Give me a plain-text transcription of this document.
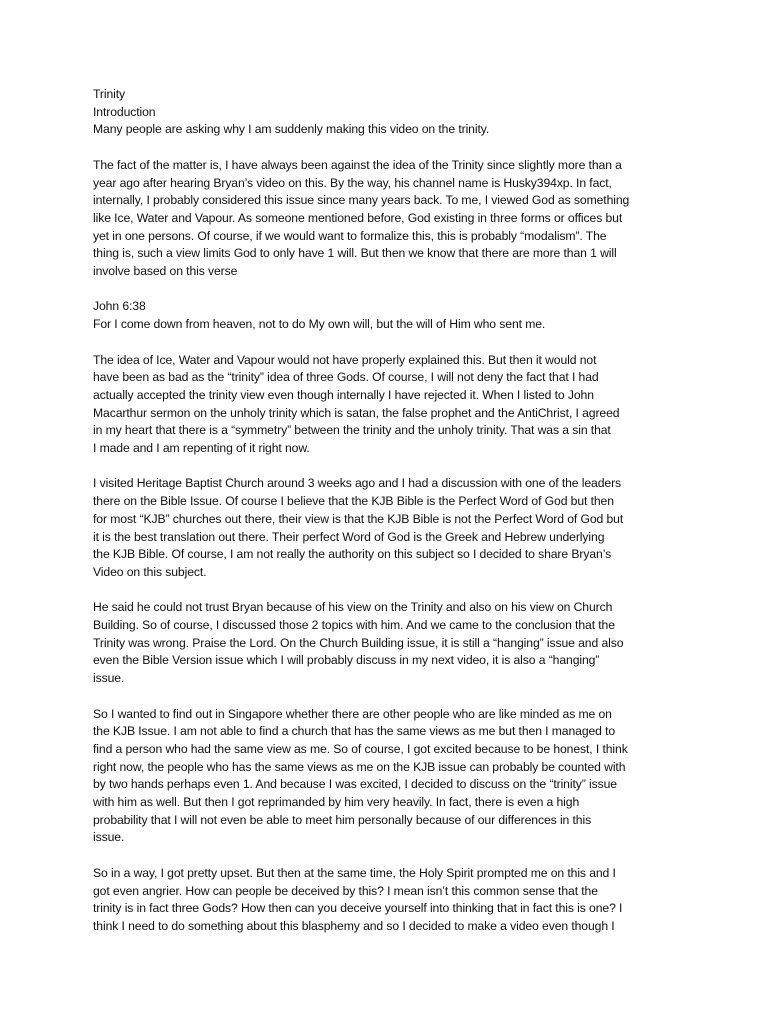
Trinity

Introduction

Many people are asking why I am suddenly making this video on the trinity.

The fact of the matter is, I have always been against the idea of the Trinity since slightly more than a

year ago after hearing Bryan’s video on this. By the way, his channel name is Husky394xp. In fact,

internally, I probably considered this issue since many years back. To me, I viewed God as something

like Ice, Water and Vapour. As someone mentioned before, God existing in three forms or offices but

yet in one persons. Of course, if we would want to formalize this, this is probably “modalism”. The

thing is, such a view limits God to only have 1 will. But then we know that there are more than 1 will

involve based on this verse

John 6:38

For I come down from heaven, not to do My own will, but the will of Him who sent me.

The idea of Ice, Water and Vapour would not have properly explained this. But then it would not

have been as bad as the “trinity” idea of three Gods. Of course, I will not deny the fact that I had

actually accepted the trinity view even though internally I have rejected it. When I listed to John

Macarthur sermon on the unholy trinity which is satan, the false prophet and the AntiChrist, I agreed

in my heart that there is a “symmetry” between the trinity and the unholy trinity. That was a sin that

I made and I am repenting of it right now.

I visited Heritage Baptist Church around 3 weeks ago and I had a discussion with one of the leaders

there on the Bible Issue. Of course I believe that the KJB Bible is the Perfect Word of God but then

for most “KJB” churches out there, their view is that the KJB Bible is not the Perfect Word of God but

it is the best translation out there. Their perfect Word of God is the Greek and Hebrew underlying

the KJB Bible. Of course, I am not really the authority on this subject so I decided to share Bryan’s

Video on this subject.

He said he could not trust Bryan because of his view on the Trinity and also on his view on Church

Building. So of course, I discussed those 2 topics with him. And we came to the conclusion that the

Trinity was wrong. Praise the Lord. On the Church Building issue, it is still a “hanging” issue and also

even the Bible Version issue which I will probably discuss in my next video, it is also a “hanging”

issue.

So I wanted to find out in Singapore whether there are other people who are like minded as me on

the KJB Issue. I am not able to find a church that has the same views as me but then I managed to

find a person who had the same view as me. So of course, I got excited because to be honest, I think

right now, the people who has the same views as me on the KJB issue can probably be counted with

by two hands perhaps even 1. And because I was excited, I decided to discuss on the “trinity” issue

with him as well. But then I got reprimanded by him very heavily. In fact, there is even a high

probability that I will not even be able to meet him personally because of our differences in this

issue.

So in a way, I got pretty upset. But then at the same time, the Holy Spirit prompted me on this and I

got even angrier. How can people be deceived by this? I mean isn’t this common sense that the

trinity is in fact three Gods? How then can you deceive yourself into thinking that in fact this is one? I

think I need to do something about this blasphemy and so I decided to make a video even though I
